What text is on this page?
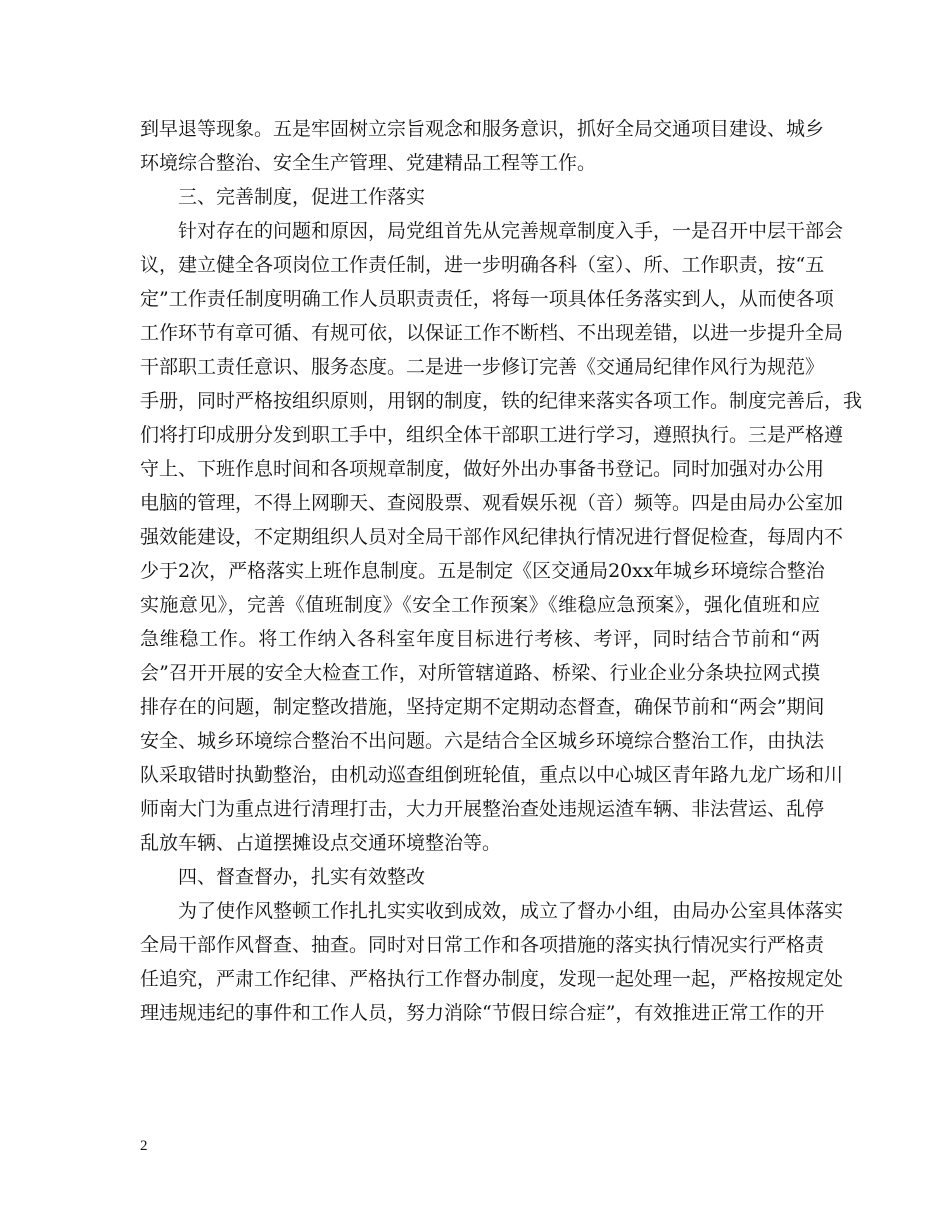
到早退等现象。五是牢固树立宗旨观念和服务意识，抓好全局交通项目建设、城乡
环境综合整治、安全生产管理、党建精品工程等工作。
三、完善制度，促进工作落实
针对存在的问题和原因，局党组首先从完善规章制度入手，一是召开中层干部会
议，建立健全各项岗位工作责任制，进一步明确各科（室）、所、工作职责，按“五
定”工作责任制度明确工作人员职责责任，将每一项具体任务落实到人，从而使各项
工作环节有章可循、有规可依，以保证工作不断档、不出现差错，以进一步提升全局
干部职工责任意识、服务态度。二是进一步修订完善《交通局纪律作风行为规范》
手册，同时严格按组织原则，用钢的制度，铁的纪律来落实各项工作。制度完善后，我
们将打印成册分发到职工手中，组织全体干部职工进行学习，遵照执行。三是严格遵
守上、下班作息时间和各项规章制度，做好外出办事备书登记。同时加强对办公用
电脑的管理，不得上网聊天、查阅股票、观看娱乐视（音）频等。四是由局办公室加
强效能建设，不定期组织人员对全局干部作风纪律执行情况进行督促检查，每周内不
少于2次，严格落实上班作息制度。五是制定《区交通局20xx年城乡环境综合整治
实施意见》，完善《值班制度》《安全工作预案》《维稳应急预案》，强化值班和应
急维稳工作。将工作纳入各科室年度目标进行考核、考评，同时结合节前和“两
会”召开开展的安全大检查工作，对所管辖道路、桥梁、行业企业分条块拉网式摸
排存在的问题，制定整改措施，坚持定期不定期动态督查，确保节前和“两会”期间
安全、城乡环境综合整治不出问题。六是结合全区城乡环境综合整治工作，由执法
队采取错时执勤整治，由机动巡查组倒班轮值，重点以中心城区青年路九龙广场和川
师南大门为重点进行清理打击，大力开展整治查处违规运渣车辆、非法营运、乱停
乱放车辆、占道摆摊设点交通环境整治等。
四、督查督办，扎实有效整改
为了使作风整顿工作扎扎实实收到成效，成立了督办小组，由局办公室具体落实
全局干部作风督查、抽查。同时对日常工作和各项措施的落实执行情况实行严格责
任追究，严肃工作纪律、严格执行工作督办制度，发现一起处理一起，严格按规定处
理违规违纪的事件和工作人员，努力消除“节假日综合症”，有效推进正常工作的开
2
